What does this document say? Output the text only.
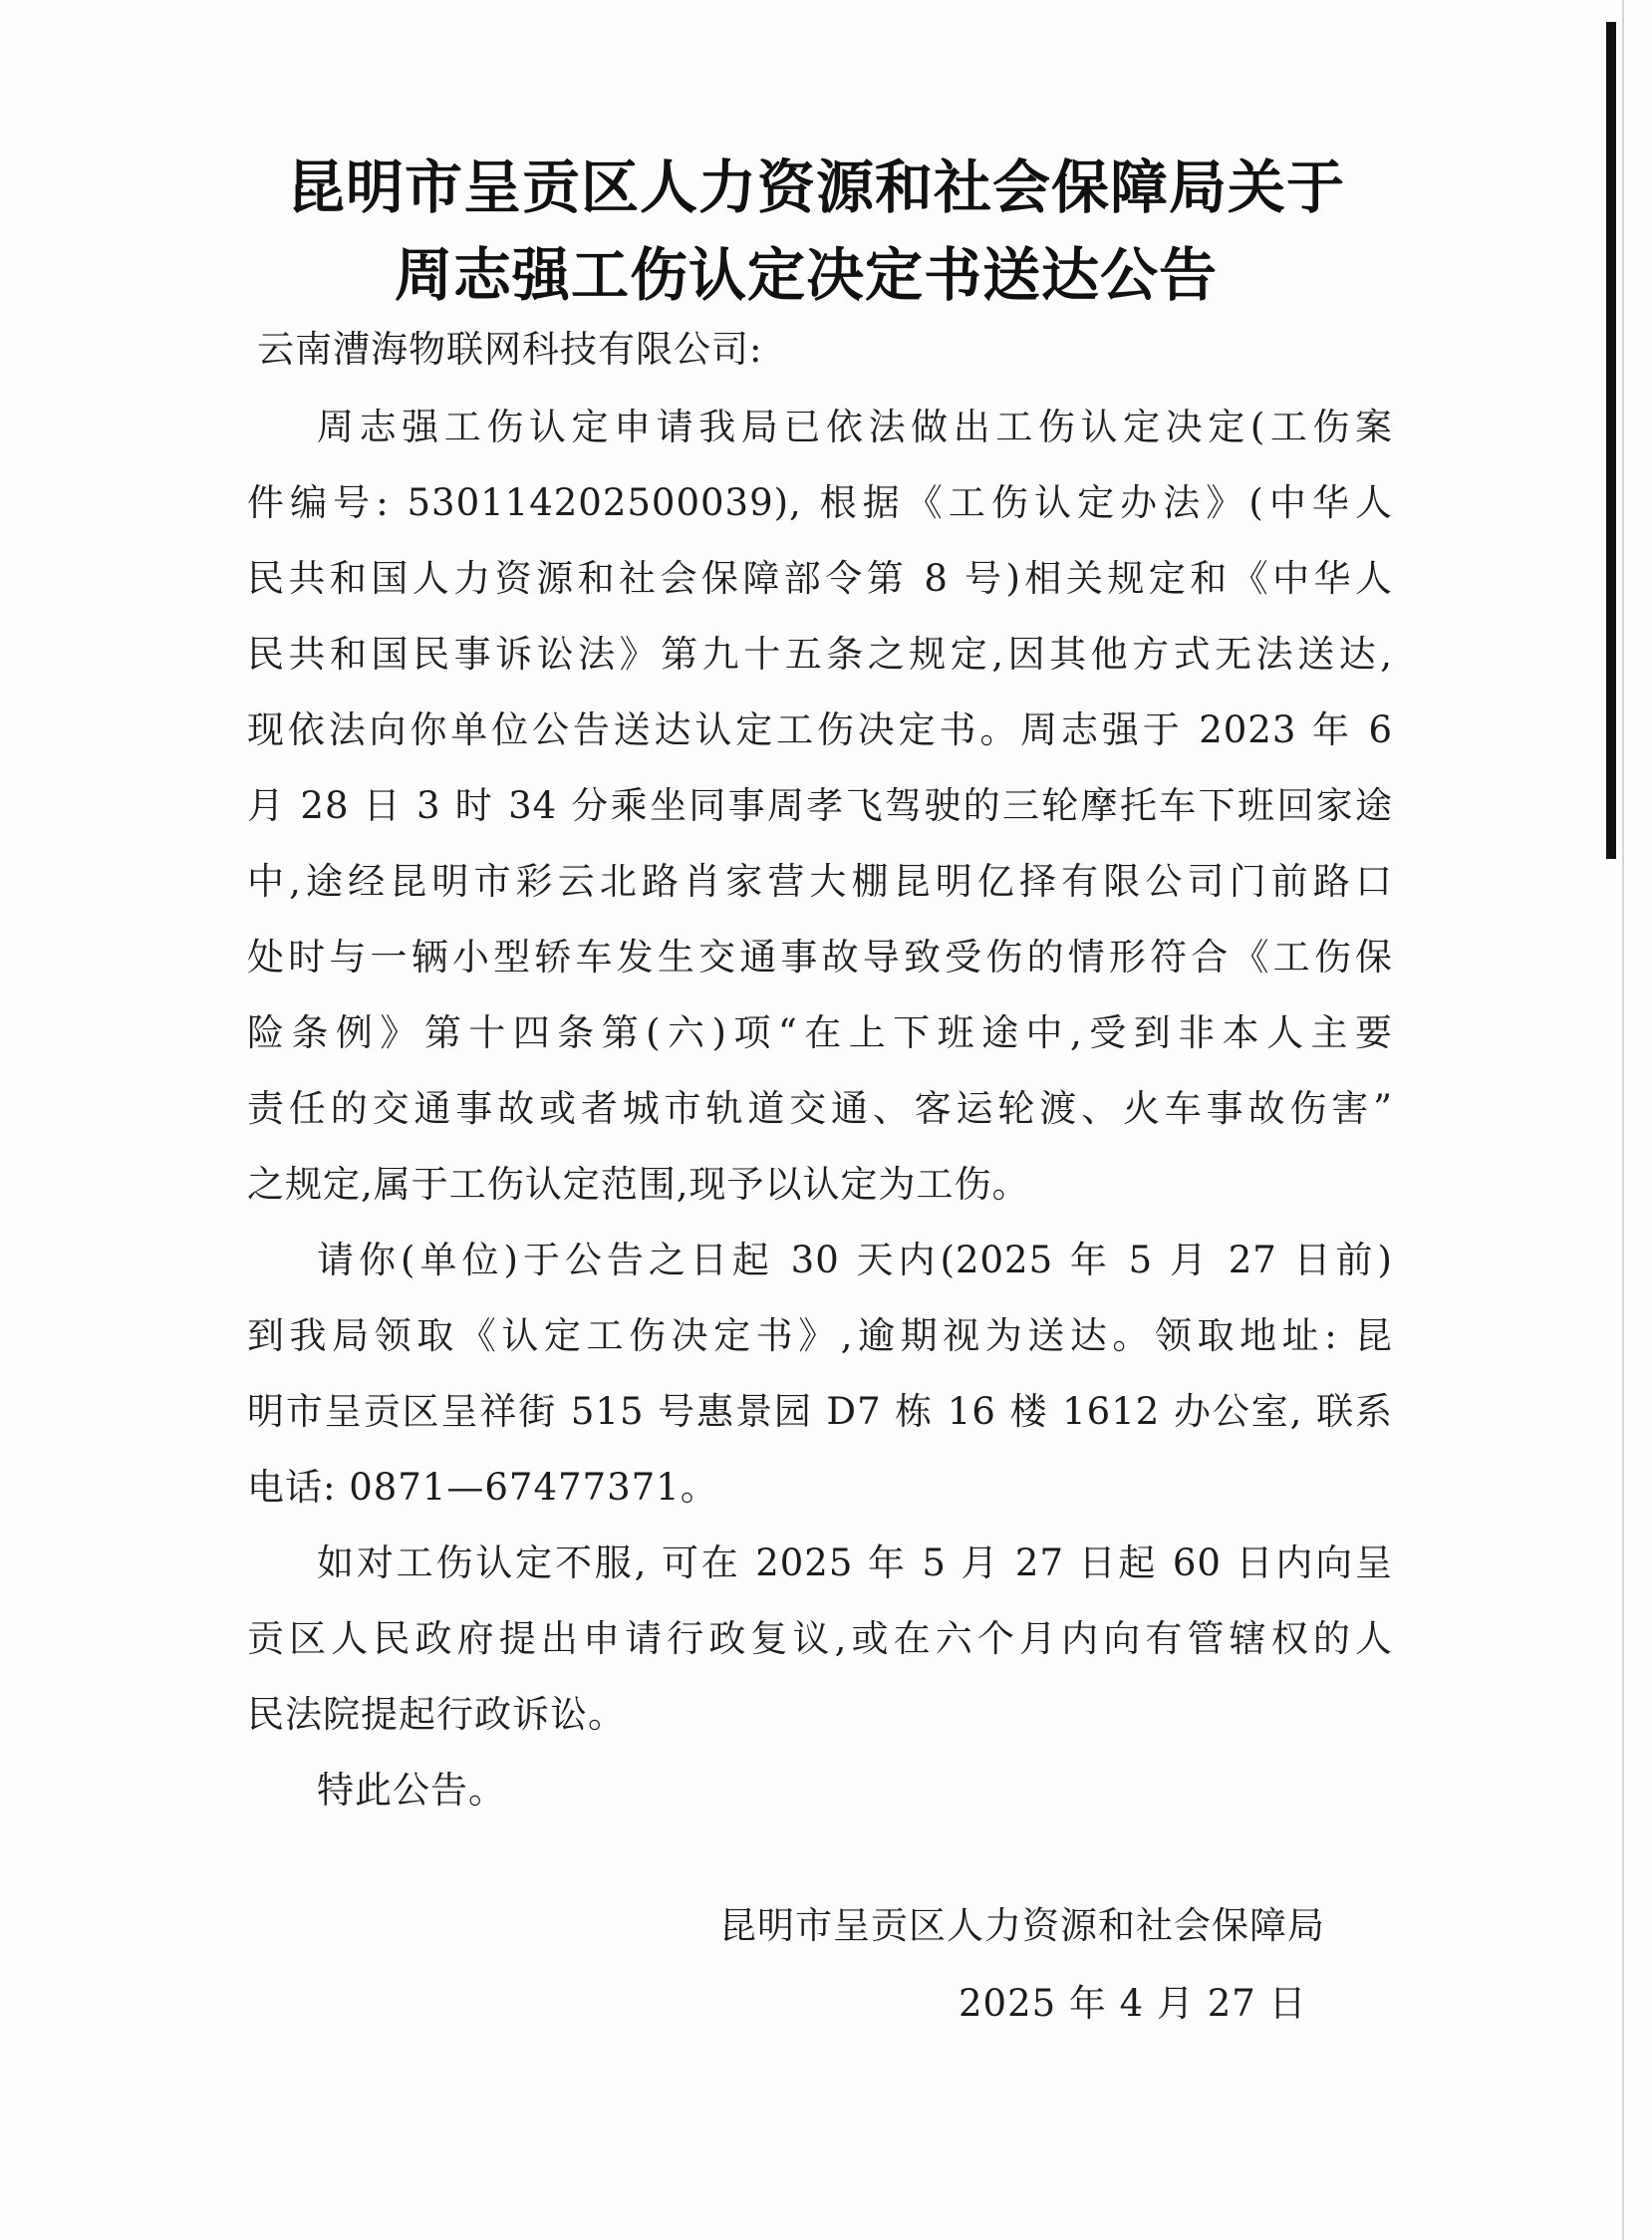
昆明市呈贡区人力资源和社会保障局关于
周志强工伤认定决定书送达公告
云南漕海物联网科技有限公司:
周志强工伤认定申请我局已依法做出工伤认定决定(工伤案
件编号: 530114202500039), 根据《工伤认定办法》(中华人
民共和国人力资源和社会保障部令第 8 号)相关规定和《中华人
民共和国民事诉讼法》第九十五条之规定,因其他方式无法送达,
现依法向你单位公告送达认定工伤决定书。周志强于 2023 年 6
月 28 日 3 时 34 分乘坐同事周孝飞驾驶的三轮摩托车下班回家途
中,途经昆明市彩云北路肖家营大棚昆明亿择有限公司门前路口
处时与一辆小型轿车发生交通事故导致受伤的情形符合《工伤保
险条例》第十四条第(六)项“在上下班途中,受到非本人主要
责任的交通事故或者城市轨道交通、客运轮渡、火车事故伤害”
之规定,属于工伤认定范围,现予以认定为工伤。
请你(单位)于公告之日起 30 天内(2025 年 5 月 27 日前)
到我局领取《认定工伤决定书》,逾期视为送达。领取地址: 昆
明市呈贡区呈祥街 515 号惠景园 D7 栋 16 楼 1612 办公室, 联系
电话: 0871—67477371。
如对工伤认定不服, 可在 2025 年 5 月 27 日起 60 日内向呈
贡区人民政府提出申请行政复议,或在六个月内向有管辖权的人
民法院提起行政诉讼。
特此公告。
昆明市呈贡区人力资源和社会保障局
2025 年 4 月 27 日
